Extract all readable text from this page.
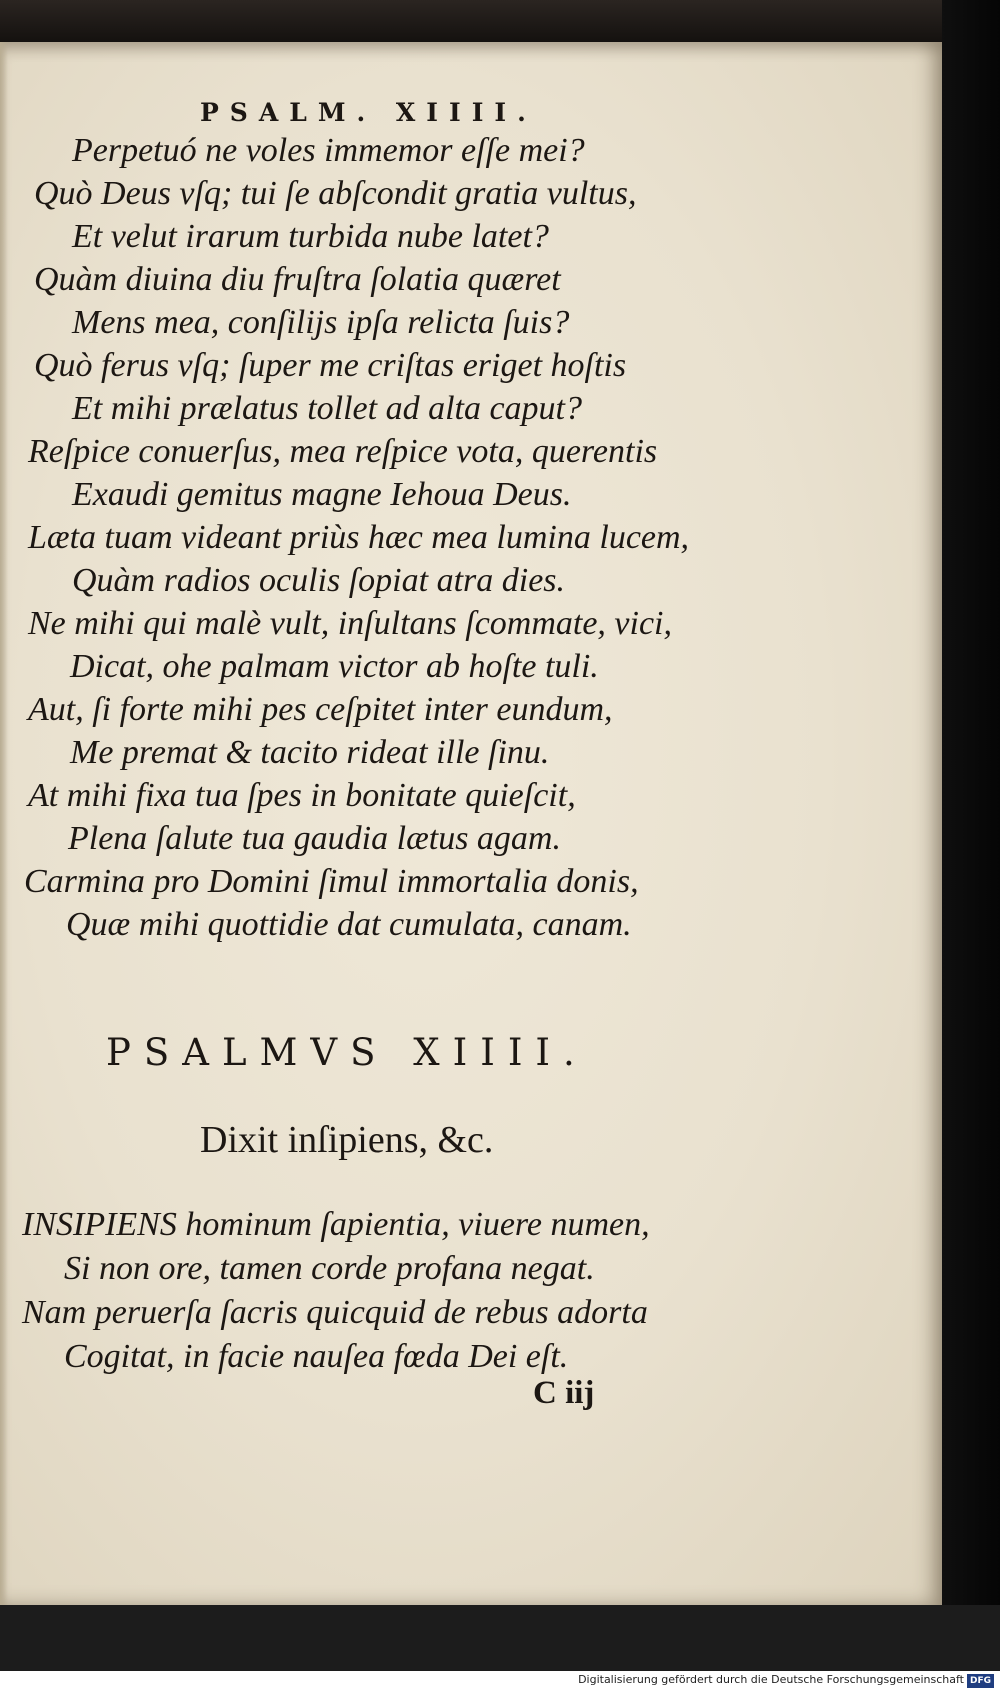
PSALM. XIIII.
Perpetuó ne voles immemor eſſe mei?
Quò Deus vſq; tui ſe abſcondit gratia vultus,
Et velut irarum turbida nube latet?
Quàm diuina diu fruſtra ſolatia quæret
Mens mea, conſilijs ipſa relicta ſuis?
Quò ferus vſq; ſuper me criſtas eriget hoſtis
Et mihi prælatus tollet ad alta caput?
Reſpice conuerſus, mea reſpice vota, querentis
Exaudi gemitus magne Iehoua Deus.
Læta tuam videant priùs hæc mea lumina lucem,
Quàm radios oculis ſopiat atra dies.
Ne mihi qui malè vult, inſultans ſcommate, vici,
Dicat, ohe palmam victor ab hoſte tuli.
Aut, ſi forte mihi pes ceſpitet inter eundum,
Me premat & tacito rideat ille ſinu.
At mihi fixa tua ſpes in bonitate quieſcit,
Plena ſalute tua gaudia lætus agam.
Carmina pro Domini ſimul immortalia donis,
Quæ mihi quottidie dat cumulata, canam.
PSALMVS XIIII.
Dixit inſipiens, &c.
INSIPIENS hominum ſapientia, viuere numen,
Si non ore, tamen corde profana negat.
Nam peruerſa ſacris quicquid de rebus adorta
Cogitat, in facie nauſea fœda Dei eſt.
C iij
Digitalisierung gefördert durch die Deutsche Forschungsgemeinschaft DFG
